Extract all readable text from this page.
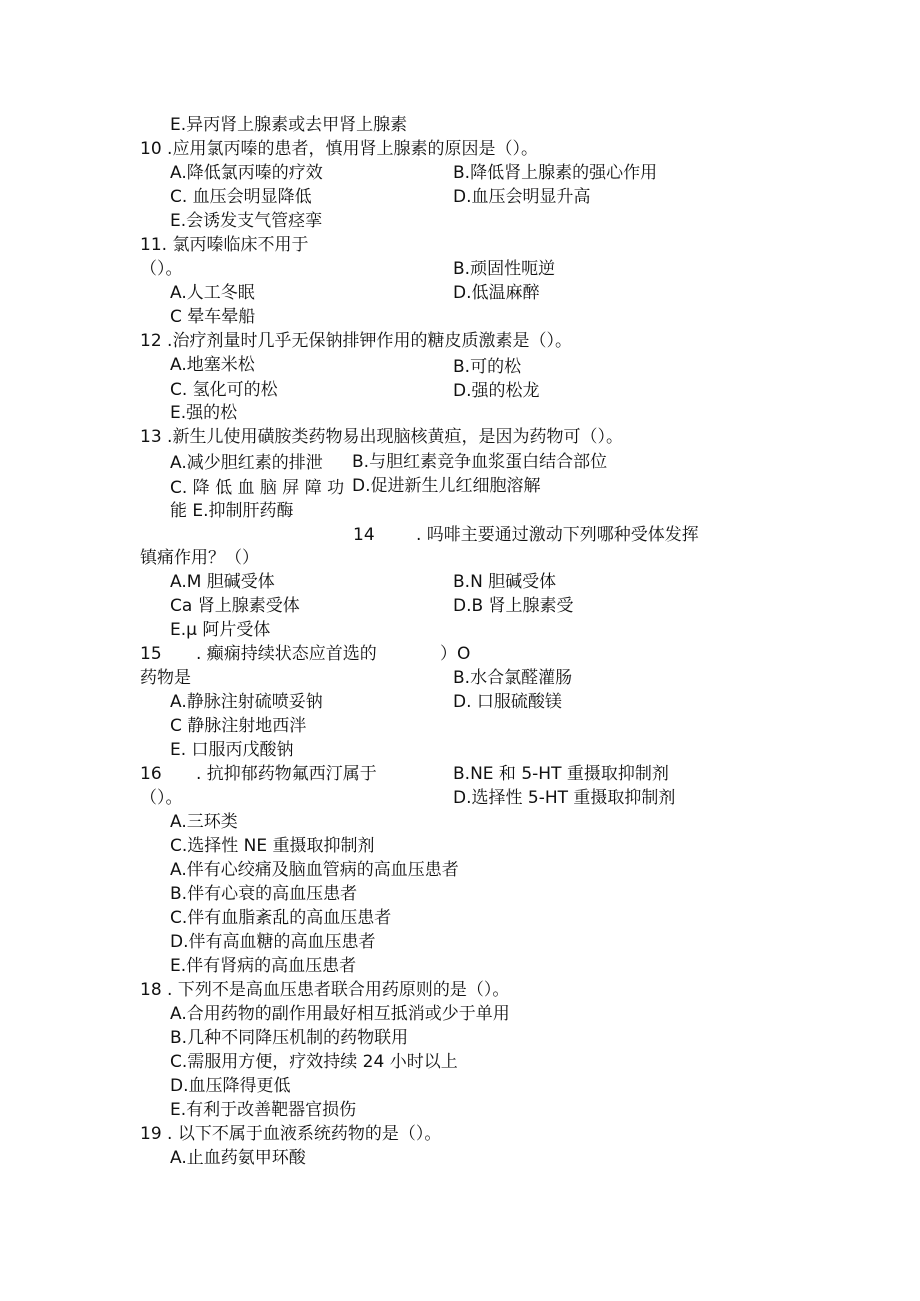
E.异丙肾上腺素或去甲肾上腺素
10 .应用氯丙嗪的患者，慎用肾上腺素的原因是（）。
A.降低氯丙嗪的疗效	B.降低肾上腺素的强心作用
C. 血压会明显降低	D.血压会明显升高
E.会诱发支气管痉挛
11. 氯丙嗪临床不用于
（）。	B.顽固性呃逆
A.人工冬眠	D.低温麻醉
C 晕车晕船
12 .治疗剂量时几乎无保钠排钾作用的糖皮质激素是（）。
A.地塞米松	B.可的松
C. 氢化可的松	D.强的松龙
E.强的松
13 .新生儿使用磺胺类药物易出现脑核黄疸，是因为药物可（）。
A.减少胆红素的排泄 B.与胆红素竞争血浆蛋白结合部位
C. 降 低 血 脑 屏 障 功 D.促进新生儿红细胞溶解
能 E.抑制肝药酶
14 . 吗啡主要通过激动下列哪种受体发挥
镇痛作用？（）
A.M 胆碱受体	B.N 胆碱受体
Ca 肾上腺素受体	D.B 肾上腺素受
E.μ 阿片受体
15 . 癫痫持续状态应首选的	）O
药物是	B.水合氯醛灌肠
A.静脉注射硫喷妥钠	D. 口服硫酸镁
C 静脉注射地西泮
E. 口服丙戊酸钠
16 . 抗抑郁药物氟西汀属于	B.NE 和 5-HT 重摄取抑制剂
（）。	D.选择性 5-HT 重摄取抑制剂
A.三环类
C.选择性 NE 重摄取抑制剂
A.伴有心绞痛及脑血管病的高血压患者
B.伴有心衰的高血压患者
C.伴有血脂紊乱的高血压患者
D.伴有高血糖的高血压患者
E.伴有肾病的高血压患者
18 . 下列不是高血压患者联合用药原则的是（）。
A.合用药物的副作用最好相互抵消或少于单用
B.几种不同降压机制的药物联用
C.需服用方便，疗效持续 24 小时以上
D.血压降得更低
E.有利于改善靶器官损伤
19 . 以下不属于血液系统药物的是（）。
A.止血药氨甲环酸
